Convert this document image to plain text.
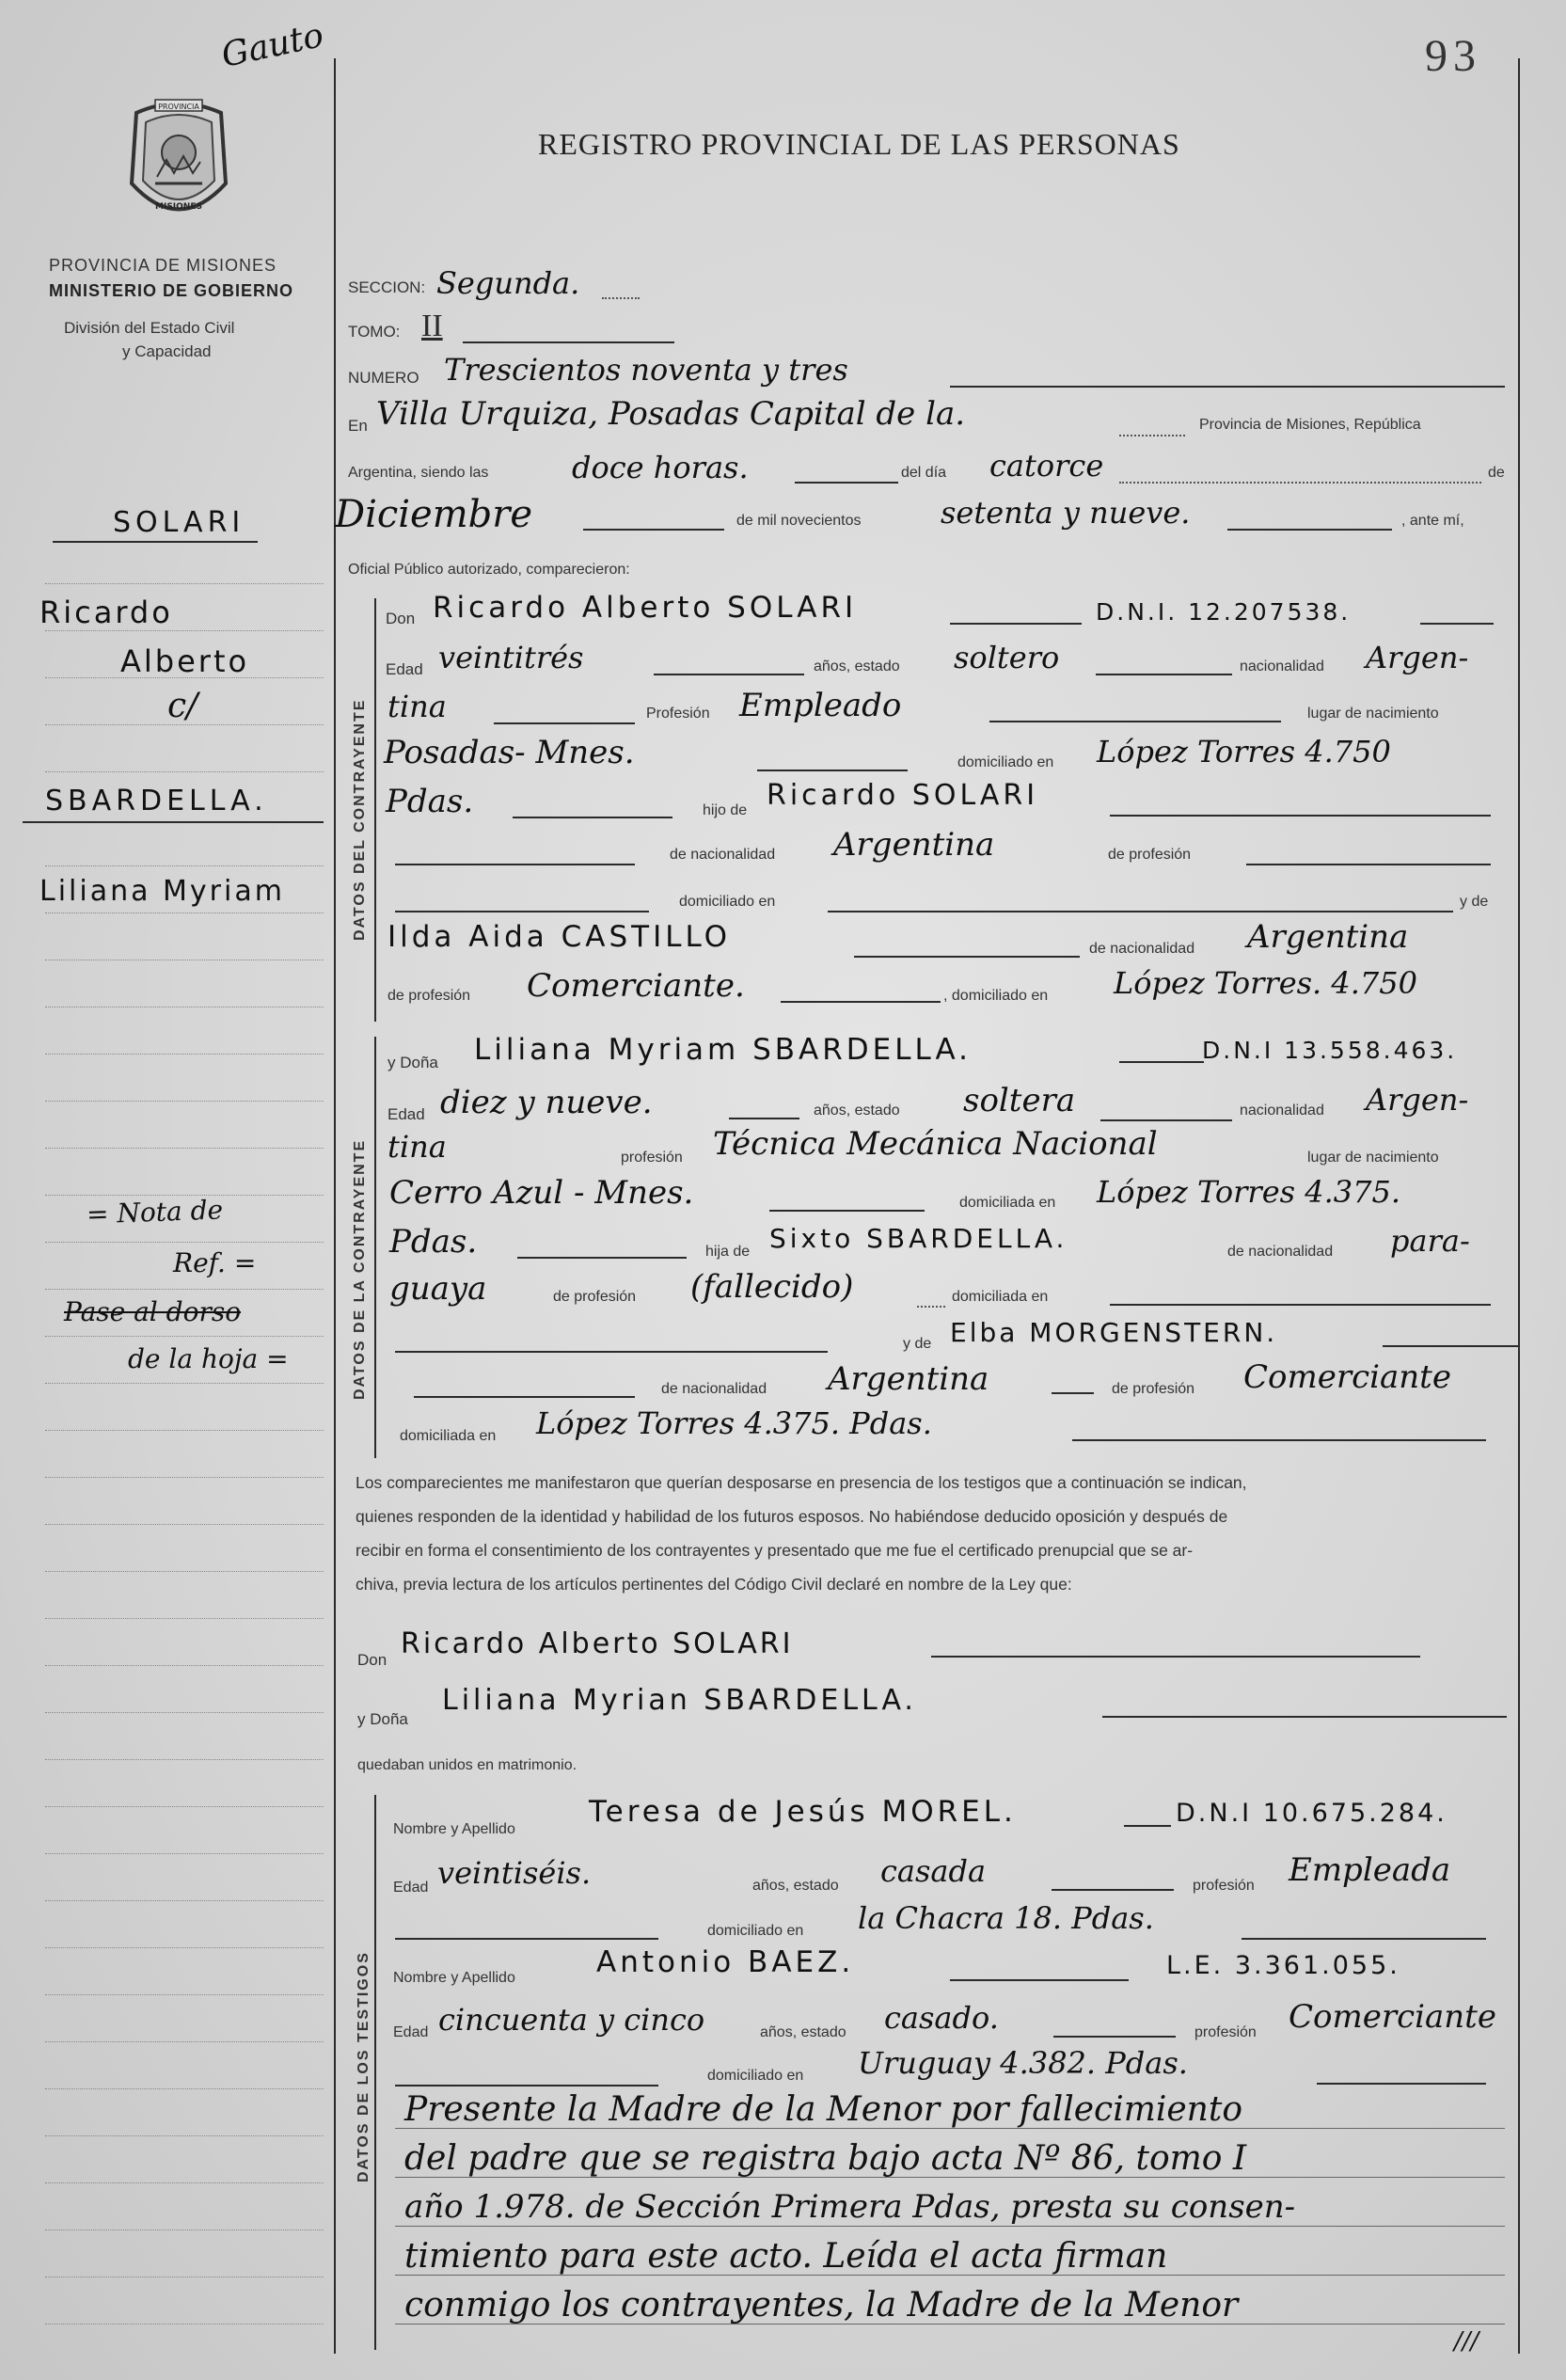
Gauto	93
REGISTRO PROVINCIAL DE LAS PERSONAS
PROVINCIA
MISIONES
PROVINCIA DE MISIONES
MINISTERIO DE GOBIERNO
División del Estado Civil
y Capacidad
SOLARI
Ricardo
Alberto
c/
SBARDELLA.
Liliana Myriam
= Nota de
Ref. =
Pase al dorso
de la hoja =
SECCION: Segunda.
TOMO: II
NUMERO Trescientos noventa y tres
En Villa Urquiza, Posadas Capital de la.	Provincia de Misiones, República
Argentina, siendo las	doce horas.	del día catorce	de
Diciembre	de mil novecientos	setenta y nueve.	, ante mí,
Oficial Público autorizado, comparecieron:
DATOS DEL CONTRAYENTE
Don Ricardo Alberto SOLARI	D.N.I. 12.207538.
Edad veintitrés	años, estado soltero	nacionalidad Argen-
tina	Profesión Empleado	lugar de nacimiento
Posadas- Mnes.	domiciliado en López Torres 4.750
Pdas.	hijo de Ricardo SOLARI
de nacionalidad Argentina	de profesión
domiciliado en	y de
Ilda Aida CASTILLO	de nacionalidad Argentina
de profesión Comerciante.	, domiciliado en López Torres. 4.750
DATOS DE LA CONTRAYENTE
y Doña Liliana Myriam SBARDELLA.	D.N.I 13.558.463.
Edad diez y nueve.	años, estado soltera	nacionalidad Argen-
tina	profesión Técnica Mecánica Nacional	lugar de nacimiento
Cerro Azul - Mnes.	domiciliada en López Torres 4.375.
Pdas.	hija de Sixto SBARDELLA.	de nacionalidad para-
guaya	de profesión (fallecido)	domiciliada en
y de Elba MORGENSTERN.
de nacionalidad Argentina	de profesión Comerciante
domiciliada en López Torres 4.375. Pdas.
Los comparecientes me manifestaron que querían desposarse en presencia de los testigos que a continuación se indican,
quienes responden de la identidad y habilidad de los futuros esposos. No habiéndose deducido oposición y después de
recibir en forma el consentimiento de los contrayentes y presentado que me fue el certificado prenupcial que se ar-
chiva, previa lectura de los artículos pertinentes del Código Civil declaré en nombre de la Ley que:
Don Ricardo Alberto SOLARI
y Doña
Liliana Myrian SBARDELLA.
quedaban unidos en matrimonio.
DATOS DE LOS TESTIGOS
Nombre y Apellido
Teresa de Jesús MOREL.	D.N.I 10.675.284.
Edad veintiséis.	años, estado casada	profesión Empleada
domiciliado en la Chacra 18. Pdas.
Nombre y Apellido	Antonio BAEZ.	L.E. 3.361.055.
Edad cincuenta y cinco	años, estado casado.	profesión Comerciante
domiciliado en Uruguay 4.382. Pdas.
Presente la Madre de la Menor por fallecimiento
del padre que se registra bajo acta Nº 86, tomo I
año 1.978. de Sección Primera Pdas, presta su consen-
timiento para este acto. Leída el acta firman
conmigo los contrayentes, la Madre de la Menor
///
